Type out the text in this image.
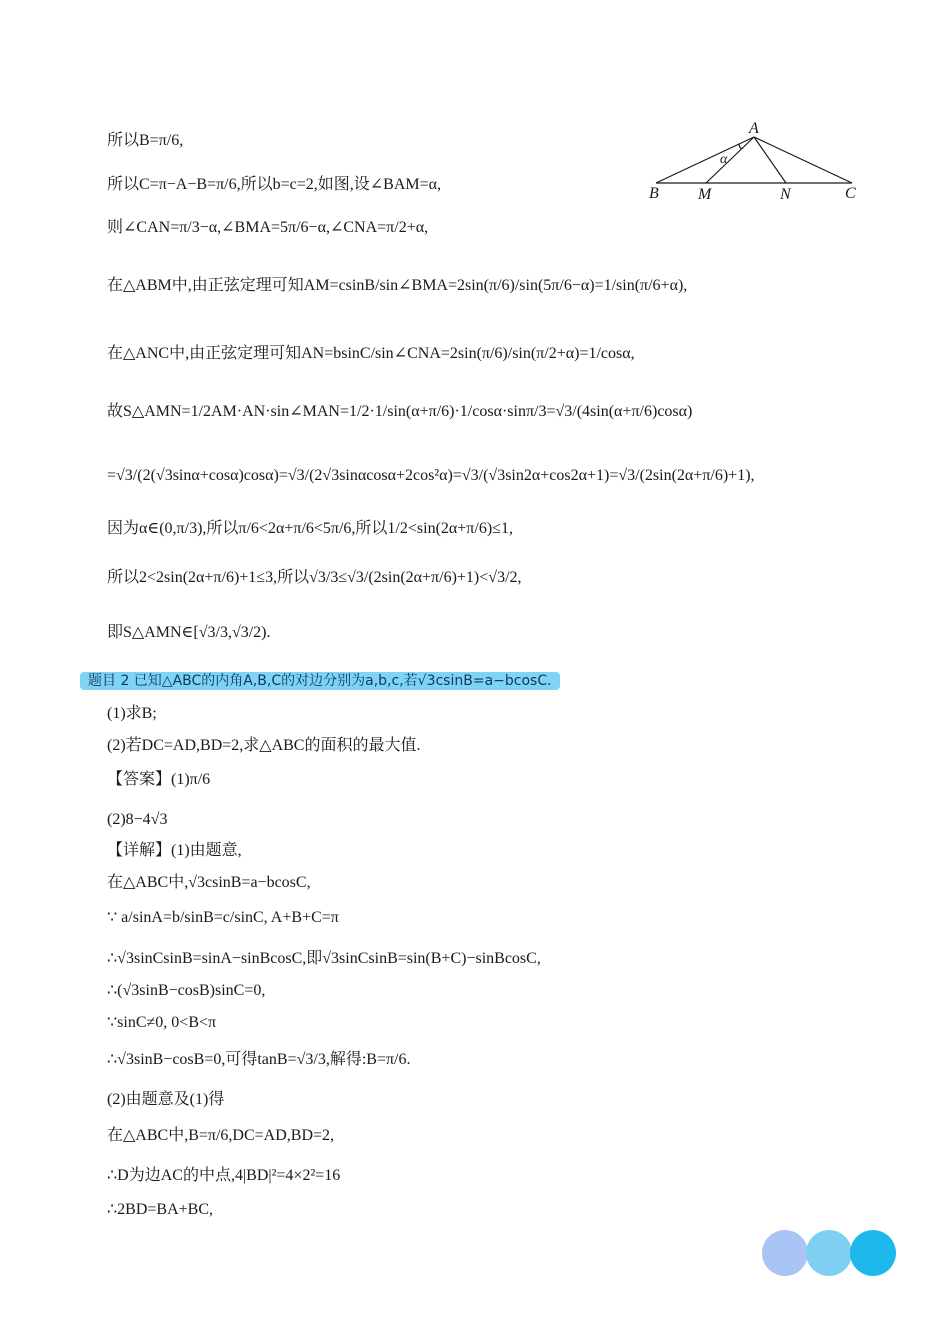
A
B M	N	C
α
所以B=π/6,
所以C=π−A−B=π/6,所以b=c=2,如图,设∠BAM=α,
则∠CAN=π/3−α,∠BMA=5π/6−α,∠CNA=π/2+α,
在△ABM中,由正弦定理可知AM=csinB/sin∠BMA=2sin(π/6)/sin(5π/6−α)=1/sin(π/6+α),
在△ANC中,由正弦定理可知AN=bsinC/sin∠CNA=2sin(π/6)/sin(π/2+α)=1/cosα,
故S△AMN=1/2AM·AN·sin∠MAN=1/2·1/sin(α+π/6)·1/cosα·sinπ/3=√3/(4sin(α+π/6)cosα)
=√3/(2(√3sinα+cosα)cosα)=√3/(2√3sinαcosα+2cos²α)=√3/(√3sin2α+cos2α+1)=√3/(2sin(2α+π/6)+1),
因为α∈(0,π/3),所以π/6<2α+π/6<5π/6,所以1/2<sin(2α+π/6)≤1,
所以2<2sin(2α+π/6)+1≤3,所以√3/3≤√3/(2sin(2α+π/6)+1)<√3/2,
即S△AMN∈[√3/3,√3/2).
题目 2 已知△ABC的内角A,B,C的对边分别为a,b,c,若√3csinB=a−bcosC.
(1)求B;
(2)若DC=AD,BD=2,求△ABC的面积的最大值.
【答案】(1)π/6
(2)8−4√3
【详解】(1)由题意,
在△ABC中,√3csinB=a−bcosC,
∵ a/sinA=b/sinB=c/sinC, A+B+C=π
∴√3sinCsinB=sinA−sinBcosC,即√3sinCsinB=sin(B+C)−sinBcosC,
∴(√3sinB−cosB)sinC=0,
∵sinC≠0, 0<B<π
∴√3sinB−cosB=0,可得tanB=√3/3,解得:B=π/6.
(2)由题意及(1)得
在△ABC中,B=π/6,DC=AD,BD=2,
∴D为边AC的中点,4|BD|²=4×2²=16
∴2BD=BA+BC,
